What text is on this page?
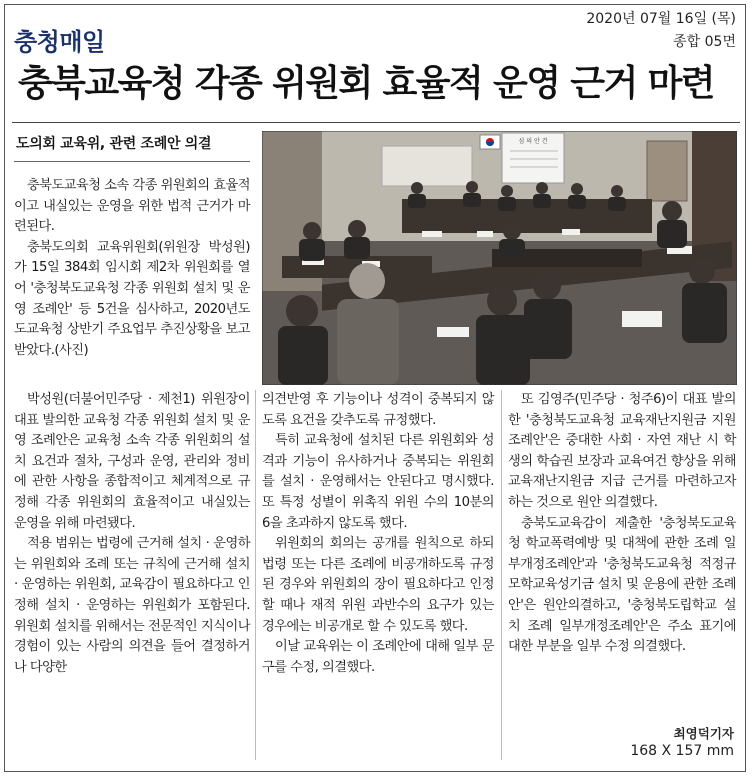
충청매일
2020년 07월 16일 (목)
종합 05면
충북교육청 각종 위원회 효율적 운영 근거 마련
도의회 교육위, 관련 조례안 의결

충북도교육청 소속 각종 위원회의 효율적이고 내실있는 운영을 위한 법적 근거가 마련된다.

충북도의회 교육위원회(위원장 박성원)가 15일 384회 임시회 제2차 위원회를 열어 '충청북도교육청 각종 위원회 설치 및 운영 조례안' 등 5건을 심사하고, 2020년도 도교육청 상반기 주요업무 추진상황을 보고 받았다.(사진)

심 의 안 건

박성원(더불어민주당 · 제천1) 위원장이 대표 발의한 교육청 각종 위원회 설치 및 운영 조례안은 교육청 소속 각종 위원회의 설치 요건과 절차, 구성과 운영, 관리와 정비에 관한 사항을 종합적이고 체계적으로 규정해 각종 위원회의 효율적이고 내실있는 운영을 위해 마련됐다.

적용 범위는 법령에 근거해 설치 · 운영하는 위원회와 조례 또는 규칙에 근거해 설치 · 운영하는 위원회, 교육감이 필요하다고 인정해 설치 · 운영하는 위원회가 포함된다. 위원회 설치를 위해서는 전문적인 지식이나 경험이 있는 사람의 의견을 들어 결정하거나 다양한

의견반영 후 기능이나 성격이 중복되지 않도록 요건을 갖추도록 규정했다.

특히 교육청에 설치된 다른 위원회와 성격과 기능이 유사하거나 중복되는 위원회를 설치 · 운영해서는 안된다고 명시했다. 또 특정 성별이 위촉직 위원 수의 10분의 6을 초과하지 않도록 했다.

위원회의 회의는 공개를 원칙으로 하되 법령 또는 다른 조례에 비공개하도록 규정된 경우와 위원회의 장이 필요하다고 인정할 때나 재적 위원 과반수의 요구가 있는 경우에는 비공개로 할 수 있도록 했다.

이날 교육위는 이 조례안에 대해 일부 문구를 수정, 의결했다.

또 김영주(민주당 · 청주6)이 대표 발의한 '충청북도교육청 교육재난지원금 지원 조례안'은 중대한 사회 · 자연 재난 시 학생의 학습권 보장과 교육여건 향상을 위해 교육재난지원금 지급 근거를 마련하고자 하는 것으로 원안 의결했다.

충북도교육감이 제출한 '충청북도교육청 학교폭력예방 및 대책에 관한 조례 일부개정조례안'과 '충청북도교육청 적정규모학교육성기금 설치 및 운용에 관한 조례안'은 원안의결하고, '충청북도립학교 설치 조례 일부개정조례안'은 주소 표기에 대한 부분을 일부 수정 의결했다.

최영덕기자
168 X 157 mm
